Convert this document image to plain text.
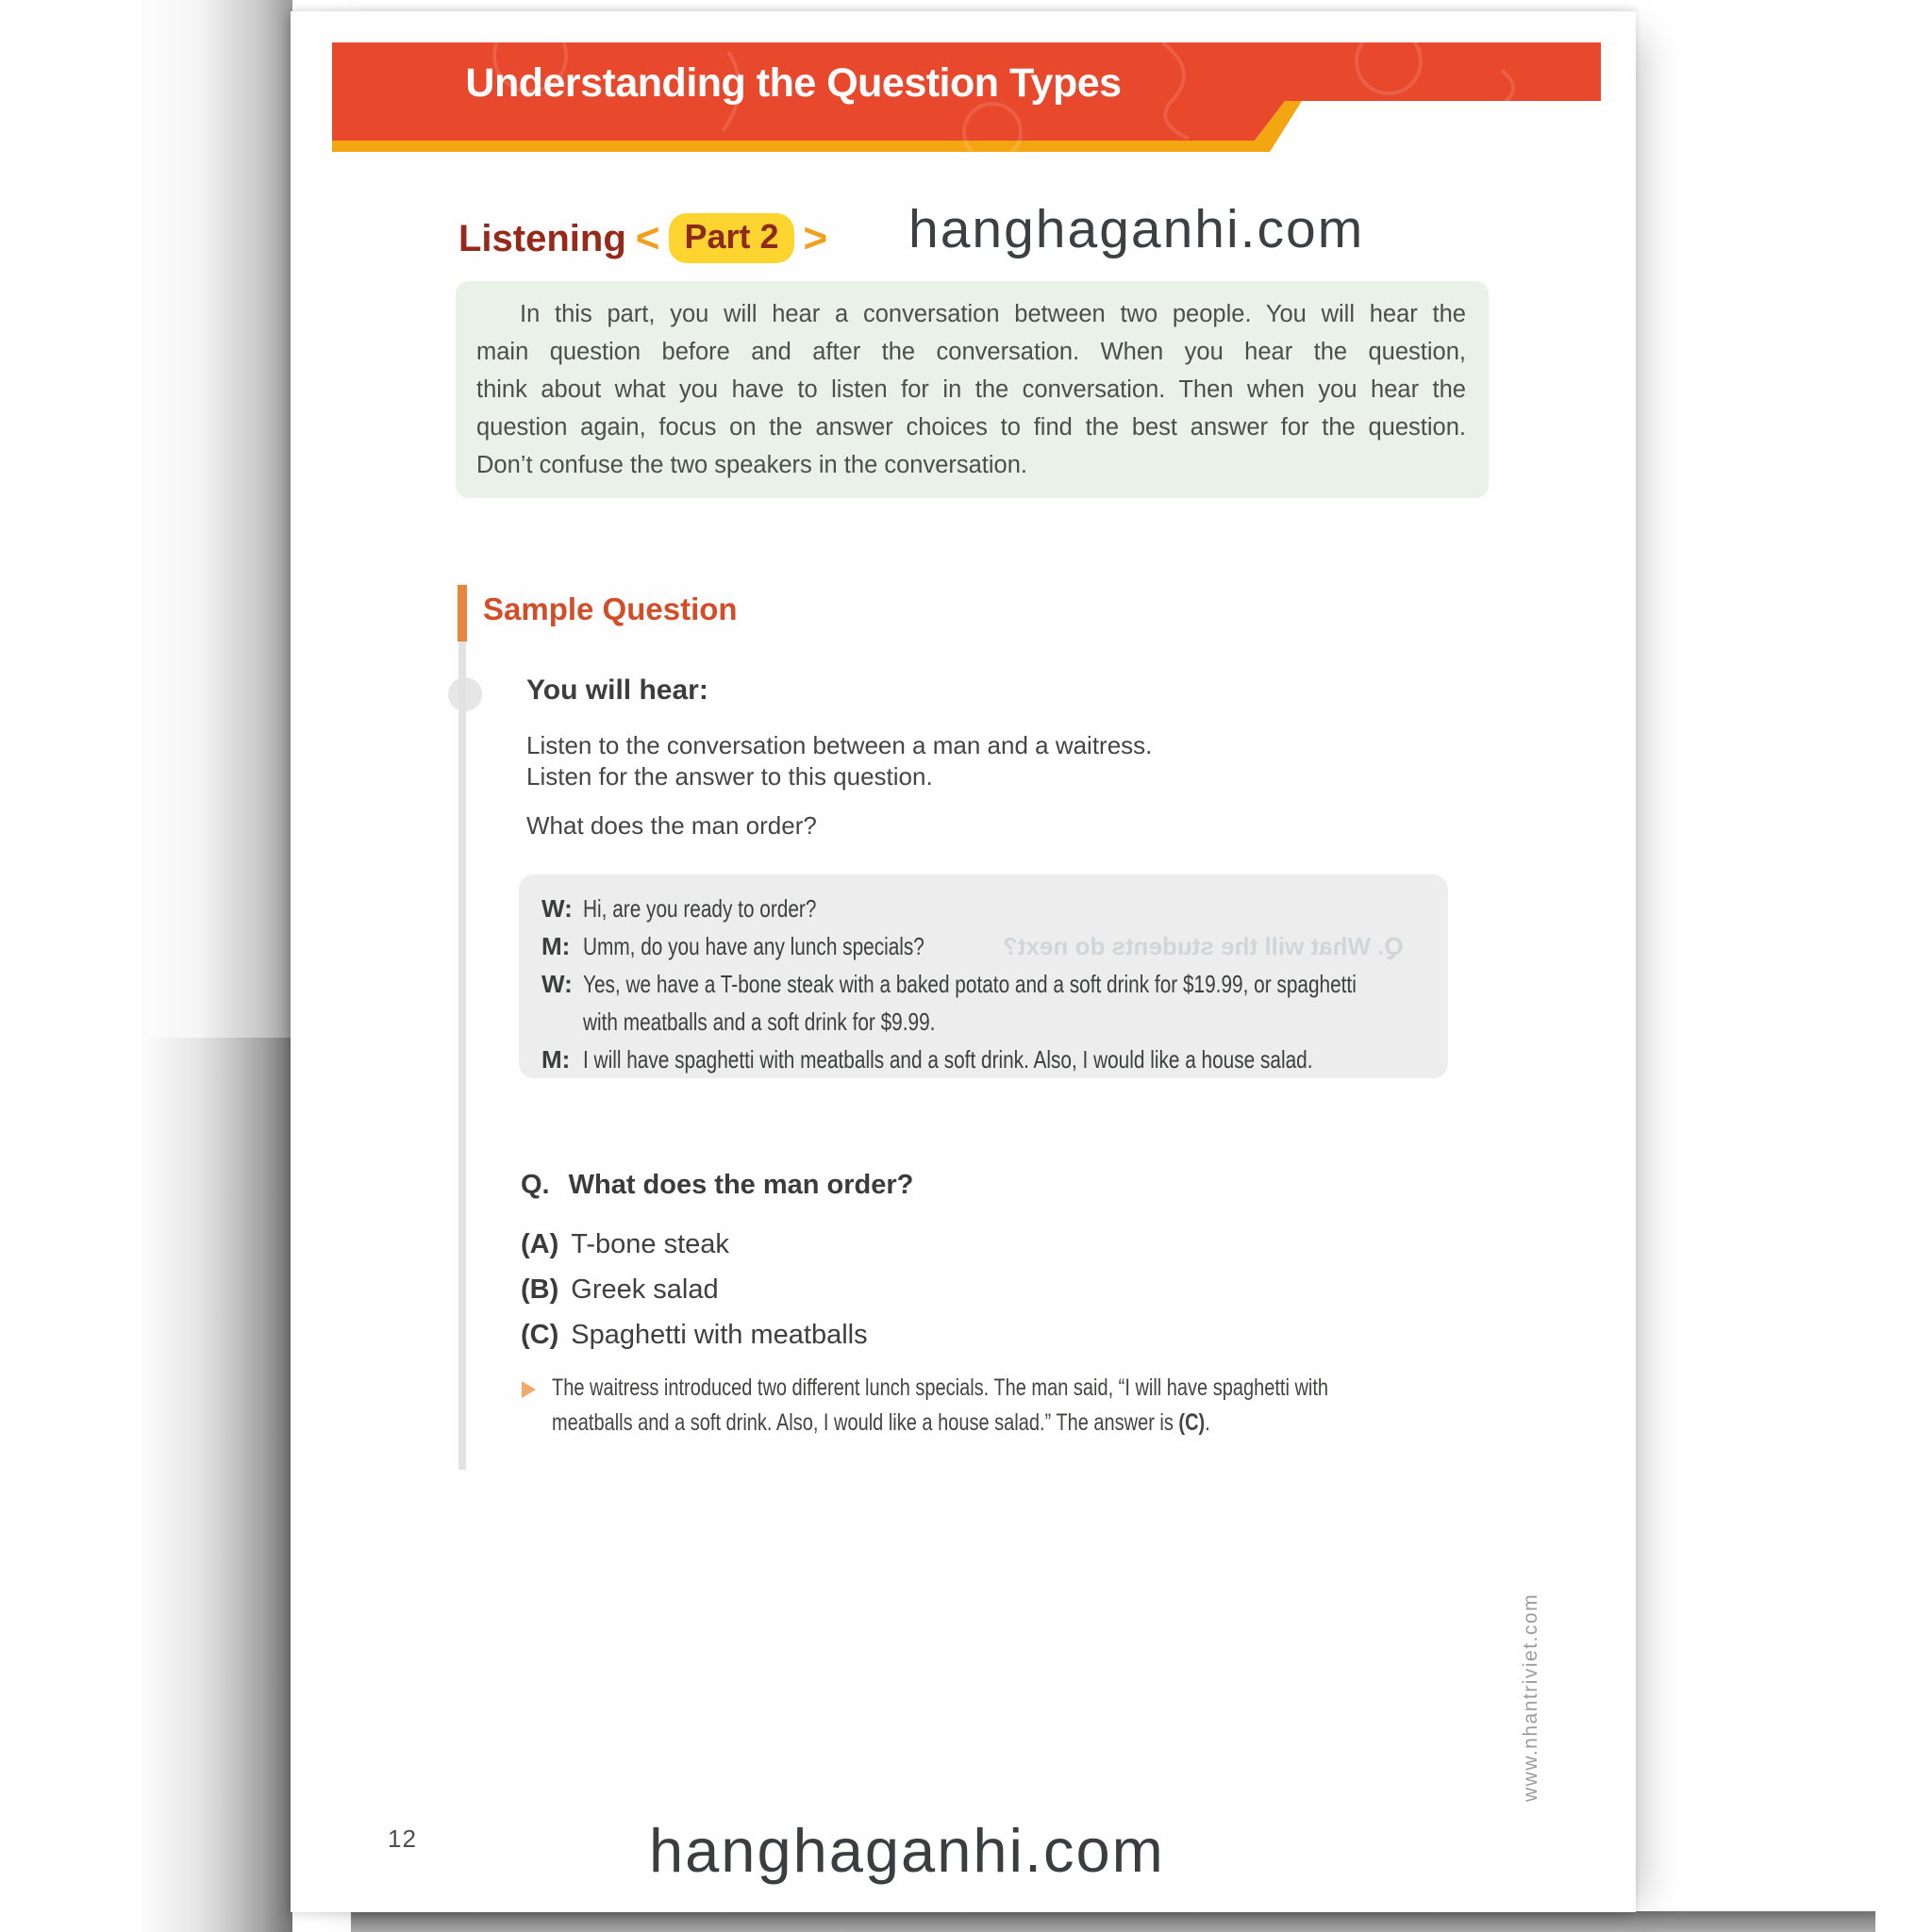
Understanding the Question Types
Listening < Part 2 > hanghaganhi.com
In this part, you will hear a conversation between two people. You will hear the
main question before and after the conversation. When you hear the question,
think about what you have to listen for in the conversation. Then when you hear the
question again, focus on the answer choices to find the best answer for the question.
Don’t confuse the two speakers in the conversation.
Sample Question
You will hear:
Listen to the conversation between a man and a waitress.
Listen for the answer to this question.
What does the man order?
W: Hi, are you ready to order?
M: Umm, do you have any lunch specials?
W: Yes, we have a T-bone steak with a baked potato and a soft drink for $19.99, or spaghetti
with meatballs and a soft drink for $9.99.
M: I will have spaghetti with meatballs and a soft drink. Also, I would like a house salad.
Q. What will the students do next?
Q. What does the man order?
(A) T-bone steak
(B) Greek salad
(C) Spaghetti with meatballs
The waitress introduced two different lunch specials. The man said, “I will have spaghetti with
meatballs and a soft drink. Also, I would like a house salad.” The answer is (C).
12	hanghaganhi.com
www.nhantriviet.com
